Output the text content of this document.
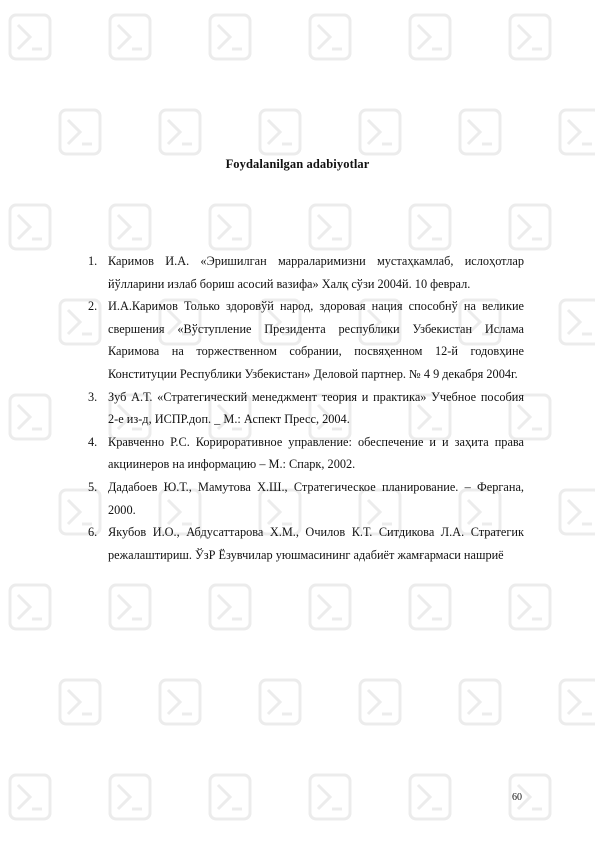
Foydalanilgan adabiyotlar
1. Каримов И.А. «Эришилган марраларимизни мустаҳкамлаб, ислоҳотлар йўлларини излаб бориш асосий вазифа» Халқ сўзи 2004й. 10 феврал.
2. И.А.Каримов Только здоровўй народ, здоровая нация способнў на великие свершения «Вўступление Президента республики Узбекистан Ислама Каримова на торжественном собрании, посвяҳенном 12-й годовҳине Конституции Республики Узбекистан» Деловой партнер. № 4 9 декабря 2004г.
3. Зуб А.Т. «Стратегический менеджмент теория и практика» Учебное пособия 2-е из-д, ИСПР.доп. _ М.: Аспект Пресс, 2004.
4. Кравченно Р.С. Корирорaтивное управление: обеспечение и и заҳита права акциинеров на информацию – М.: Спарк, 2002.
5. Дадабоев Ю.Т., Мамутова Х.Ш., Стратегическое планирование. – Фергана, 2000.
6. Якубов И.О., Абдусаттарова Х.М., Очилов К.Т. Ситдикова Л.А. Стратегик режалаштириш. ЎзР Ёзувчилар уюшмасининг адабиёт жамғармаси нашриё
60
